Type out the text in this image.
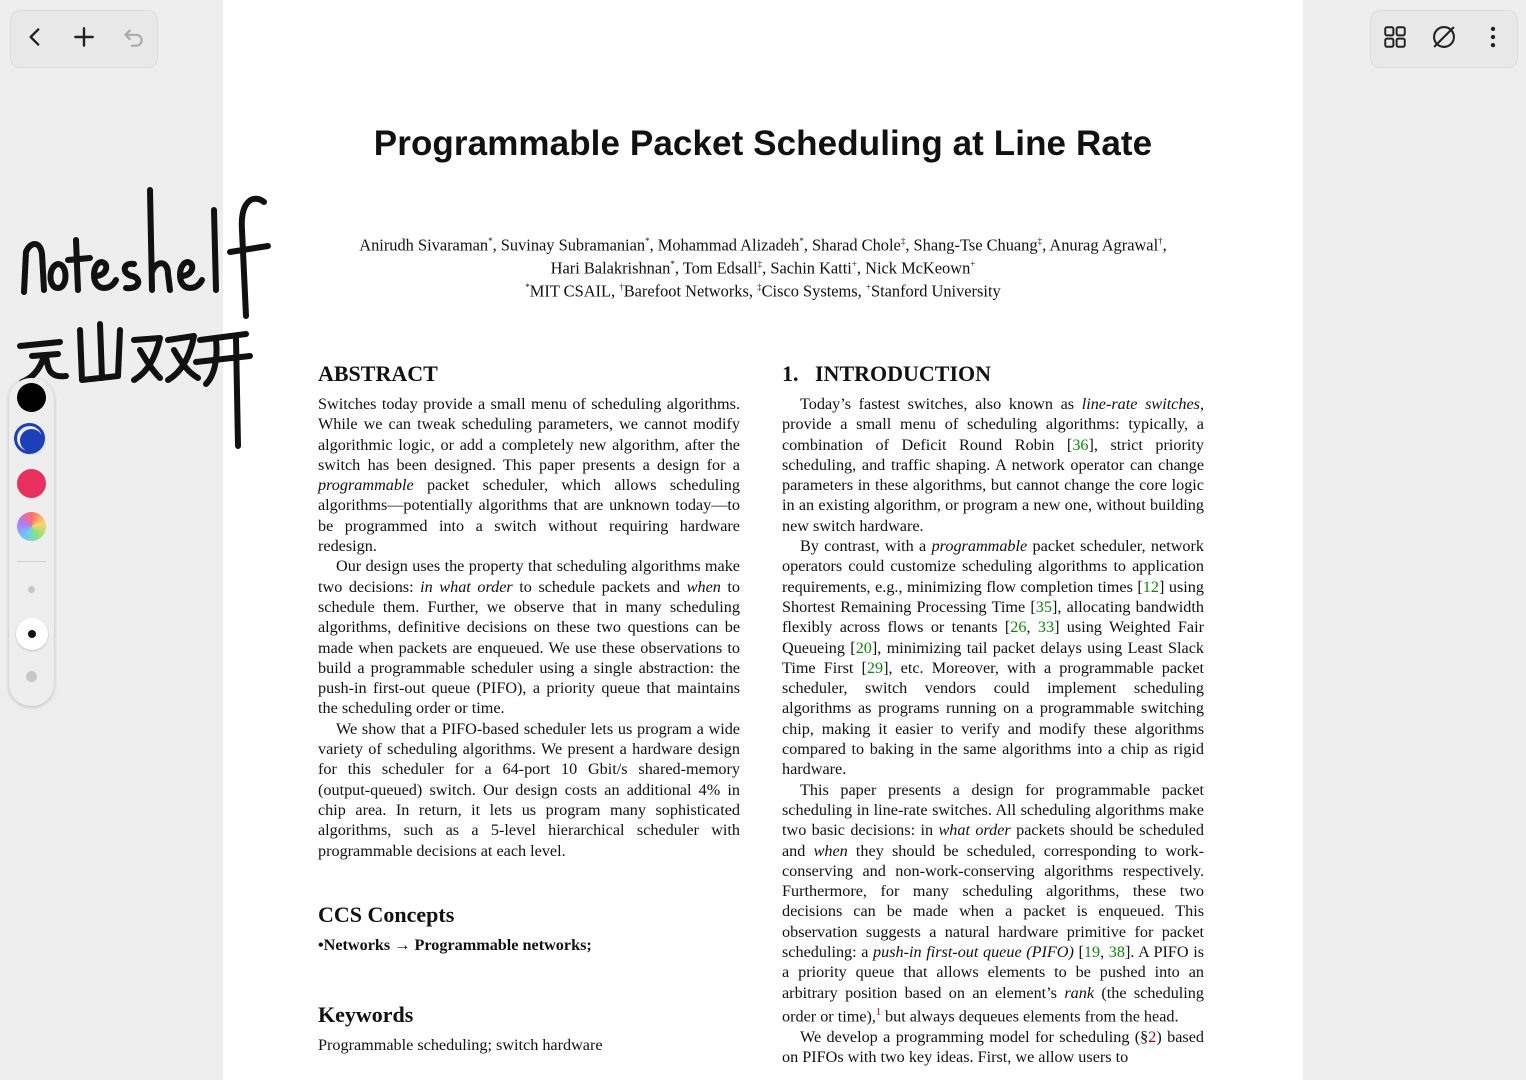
Programmable Packet Scheduling at Line Rate
Anirudh Sivaraman*, Suvinay Subramanian*, Mohammad Alizadeh*, Sharad Chole‡, Shang-Tse Chuang‡, Anurag Agrawal†,
Hari Balakrishnan*, Tom Edsall‡, Sachin Katti+, Nick McKeown+
*MIT CSAIL, †Barefoot Networks, ‡Cisco Systems, +Stanford University
ABSTRACT

Switches today provide a small menu of scheduling algorithms. While we can tweak scheduling parameters, we cannot modify algorithmic logic, or add a completely new algorithm, after the switch has been designed. This paper presents a design for a programmable packet scheduler, which allows scheduling algorithms—potentially algorithms that are unknown today—to be programmed into a switch without requiring hardware redesign.

Our design uses the property that scheduling algorithms make two decisions: in what order to schedule packets and when to schedule them. Further, we observe that in many scheduling algorithms, definitive decisions on these two questions can be made when packets are enqueued. We use these observations to build a programmable scheduler using a single abstraction: the push-in first-out queue (PIFO), a priority queue that maintains the scheduling order or time.

We show that a PIFO-based scheduler lets us program a wide variety of scheduling algorithms. We present a hardware design for this scheduler for a 64-port 10 Gbit/s shared-memory (output-queued) switch. Our design costs an additional 4% in chip area. In return, it lets us program many sophisticated algorithms, such as a 5-level hierarchical scheduler with programmable decisions at each level.

CCS Concepts

•Networks → Programmable networks;

Keywords

Programmable scheduling; switch hardware

1.   INTRODUCTION

Today’s fastest switches, also known as line-rate switches, provide a small menu of scheduling algorithms: typically, a combination of Deficit Round Robin [36], strict priority scheduling, and traffic shaping. A network operator can change parameters in these algorithms, but cannot change the core logic in an existing algorithm, or program a new one, without building new switch hardware.

By contrast, with a programmable packet scheduler, network operators could customize scheduling algorithms to application requirements, e.g., minimizing flow completion times [12] using Shortest Remaining Processing Time [35], allocating bandwidth flexibly across flows or tenants [26, 33] using Weighted Fair Queueing [20], minimizing tail packet delays using Least Slack Time First [29], etc. Moreover, with a programmable packet scheduler, switch vendors could implement scheduling algorithms as programs running on a programmable switching chip, making it easier to verify and modify these algorithms compared to baking in the same algorithms into a chip as rigid hardware.

This paper presents a design for programmable packet scheduling in line-rate switches. All scheduling algorithms make two basic decisions: in what order packets should be scheduled and when they should be scheduled, corresponding to work-conserving and non-work-conserving algorithms respectively. Furthermore, for many scheduling algorithms, these two decisions can be made when a packet is enqueued. This observation suggests a natural hardware primitive for packet scheduling: a push-in first-out queue (PIFO) [19, 38]. A PIFO is a priority queue that allows elements to be pushed into an arbitrary position based on an element’s rank (the scheduling order or time),$^1$ but always dequeues elements from the head.

We develop a programming model for scheduling (§2) based on PIFOs with two key ideas. First, we allow users to
